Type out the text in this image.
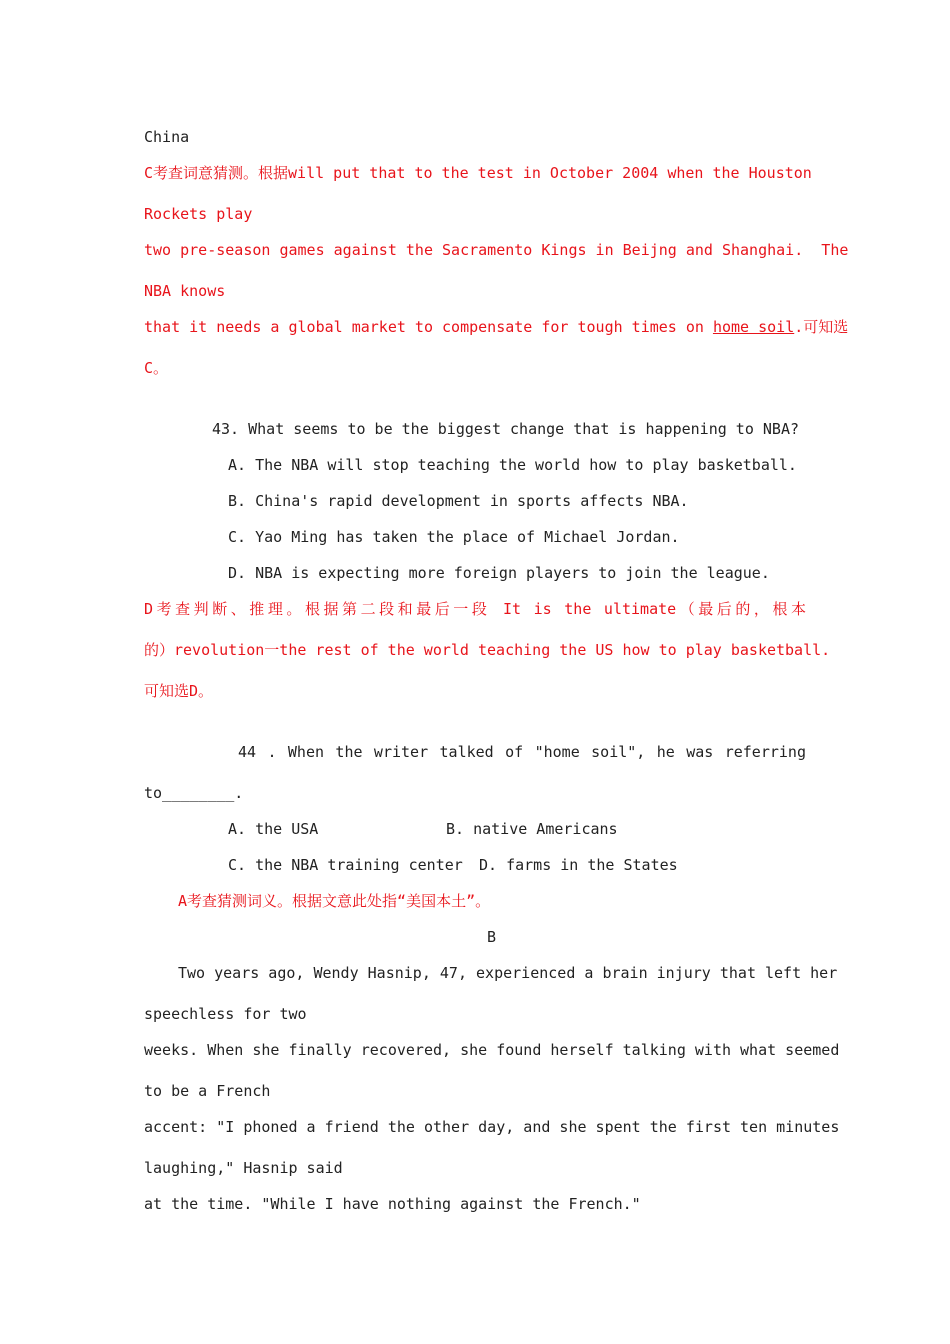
China
C考查词意猜测。根据will put that to the test in October 2004 when the Houston
Rockets play
two pre-season games against the Sacramento Kings in Beijng and Shanghai.  The
NBA knows
that it needs a global market to compensate for tough times on home soil.可知选
C。
43. What seems to be the biggest change that is happening to NBA?
A. The NBA will stop teaching the world how to play basketball.
B. China's rapid development in sports affects NBA.
C. Yao Ming has taken the place of Michael Jordan.
D. NBA is expecting more foreign players to join the league.
D考查判断、推理。根据第二段和最后一段 It is the ultimate（最后的，根本
的）revolution一the rest of the world teaching the US how to play basketball.
可知选D。
44 . When the writer talked of "home soil", he was referring
to________.
A. the USA	B. native Americans
C. the NBA training center D. farms in the States
A考查猜测词义。根据文意此处指“美国本土”。
B
Two years ago, Wendy Hasnip, 47, experienced a brain injury that left her
speechless for two
weeks. When she finally recovered, she found herself talking with what seemed
to be a French
accent: "I phoned a friend the other day, and she spent the first ten minutes
laughing," Hasnip said
at the time. "While I have nothing against the French."
